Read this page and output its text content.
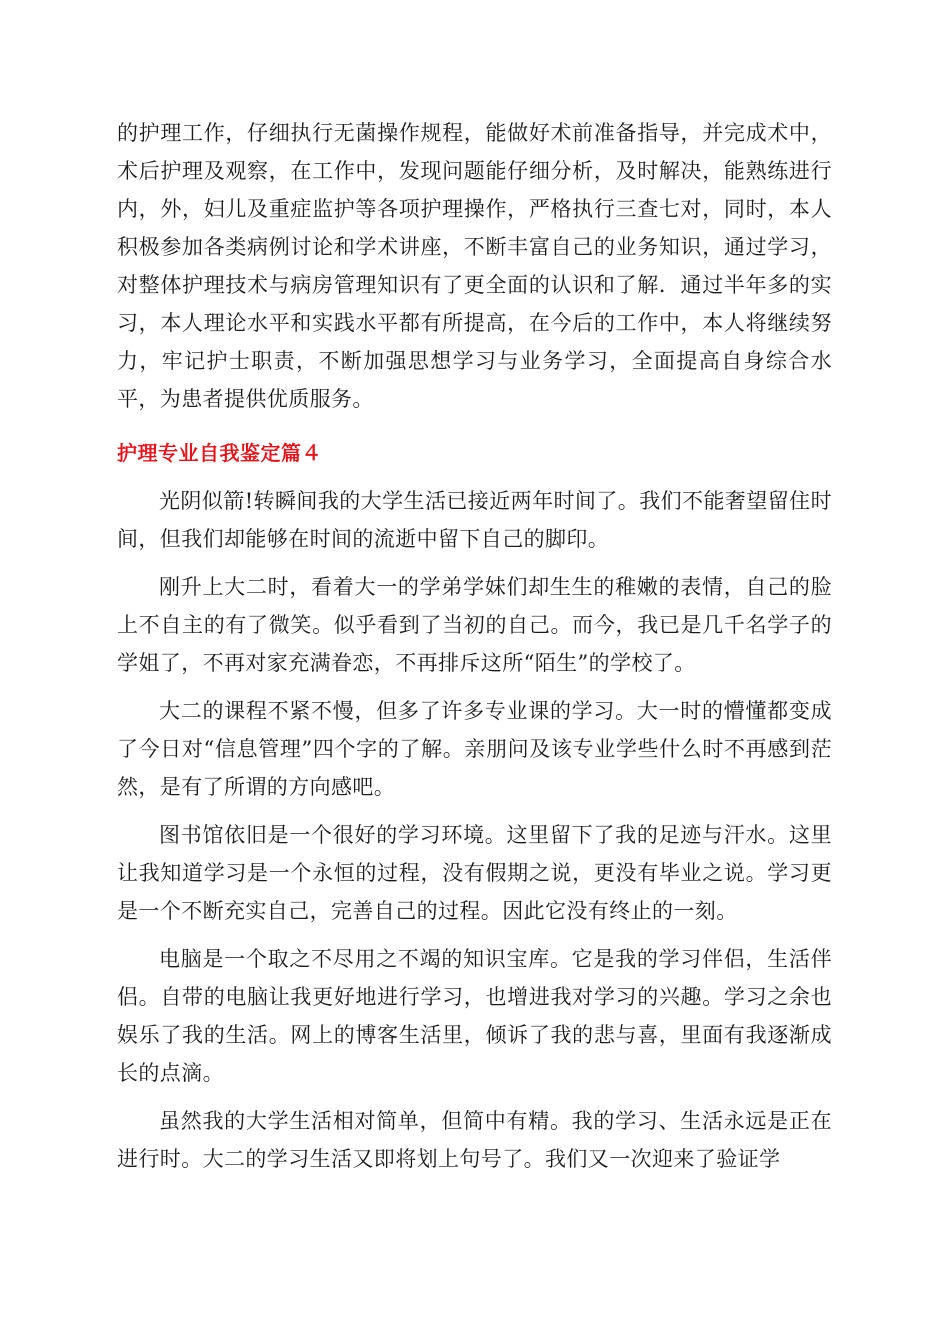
的护理工作，仔细执行无菌操作规程，能做好术前准备指导，并完成术中，术后护理及观察，在工作中，发现问题能仔细分析，及时解决，能熟练进行内，外，妇儿及重症监护等各项护理操作，严格执行三查七对，同时，本人积极参加各类病例讨论和学术讲座，不断丰富自己的业务知识，通过学习，对整体护理技术与病房管理知识有了更全面的认识和了解．通过半年多的实习，本人理论水平和实践水平都有所提高，在今后的工作中，本人将继续努力，牢记护士职责，不断加强思想学习与业务学习，全面提高自身综合水平，为患者提供优质服务。

护理专业自我鉴定篇４

光阴似箭!转瞬间我的大学生活已接近两年时间了。我们不能奢望留住时间，但我们却能够在时间的流逝中留下自己的脚印。

刚升上大二时，看着大一的学弟学妹们却生生的稚嫩的表情，自己的脸上不自主的有了微笑。似乎看到了当初的自己。而今，我已是几千名学子的学姐了，不再对家充满眷恋，不再排斥这所“陌生”的学校了。

大二的课程不紧不慢，但多了许多专业课的学习。大一时的懵懂都变成了今日对“信息管理”四个字的了解。亲朋问及该专业学些什么时不再感到茫然，是有了所谓的方向感吧。

图书馆依旧是一个很好的学习环境。这里留下了我的足迹与汗水。这里让我知道学习是一个永恒的过程，没有假期之说，更没有毕业之说。学习更是一个不断充实自己，完善自己的过程。因此它没有终止的一刻。

电脑是一个取之不尽用之不竭的知识宝库。它是我的学习伴侣，生活伴侣。自带的电脑让我更好地进行学习，也增进我对学习的兴趣。学习之余也娱乐了我的生活。网上的博客生活里，倾诉了我的悲与喜，里面有我逐渐成长的点滴。

虽然我的大学生活相对简单，但简中有精。我的学习、生活永远是正在进行时。大二的学习生活又即将划上句号了。我们又一次迎来了验证学
